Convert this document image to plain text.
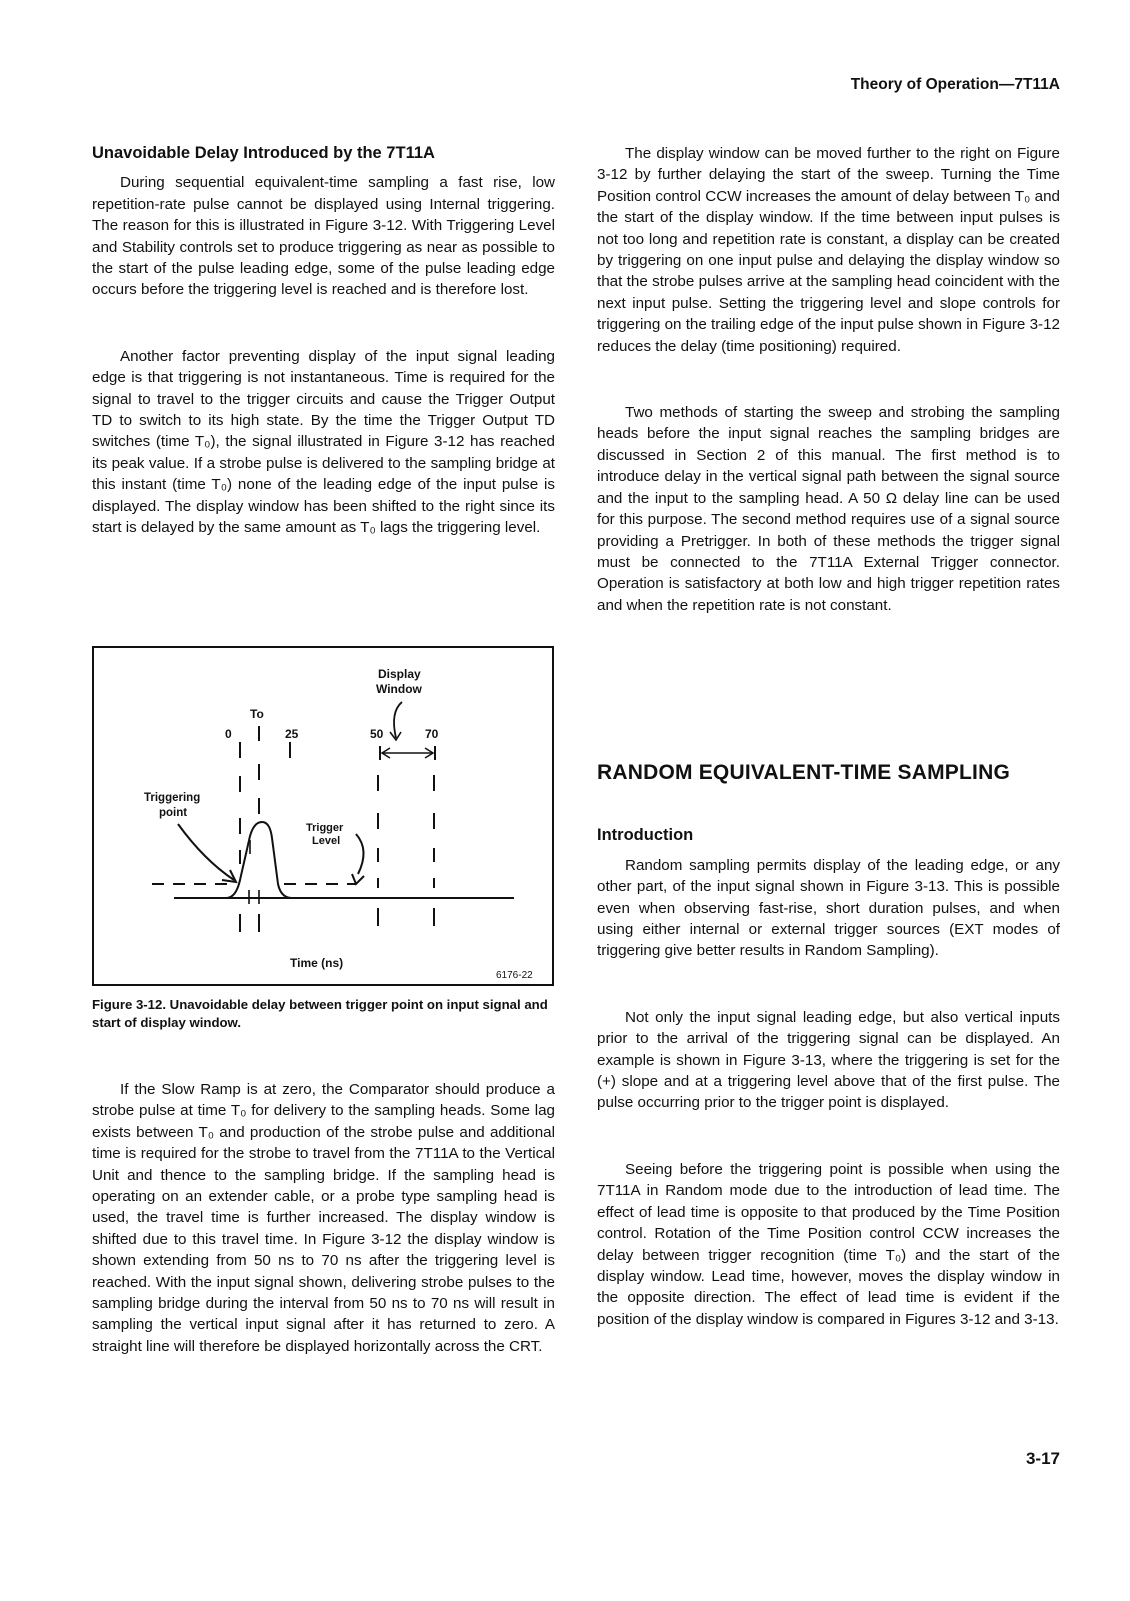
Theory of Operation—7T11A
Unavoidable Delay Introduced by the 7T11A

During sequential equivalent-time sampling a fast rise, low repetition-rate pulse cannot be displayed using Internal triggering. The reason for this is illustrated in Figure 3-12. With Triggering Level and Stability controls set to produce triggering as near as possible to the start of the pulse leading edge, some of the pulse leading edge occurs before the triggering level is reached and is therefore lost.

Another factor preventing display of the input signal leading edge is that triggering is not instantaneous. Time is required for the signal to travel to the trigger circuits and cause the Trigger Output TD to switch to its high state. By the time the Trigger Output TD switches (time T₀), the signal illustrated in Figure 3-12 has reached its peak value. If a strobe pulse is delivered to the sampling bridge at this instant (time T₀) none of the leading edge of the input pulse is displayed. The display window has been shifted to the right since its start is delayed by the same amount as T₀ lags the triggering level.

Display
Window
To
0	25	50	70
Triggering
point
Trigger
Level
Time (ns)
6176-22
Figure 3-12. Unavoidable delay between trigger point on input signal and start of display window.

If the Slow Ramp is at zero, the Comparator should produce a strobe pulse at time T₀ for delivery to the sampling heads. Some lag exists between T₀ and production of the strobe pulse and additional time is required for the strobe to travel from the 7T11A to the Vertical Unit and thence to the sampling bridge. If the sampling head is operating on an extender cable, or a probe type sampling head is used, the travel time is further increased. The display window is shifted due to this travel time. In Figure 3-12 the display window is shown extending from 50 ns to 70 ns after the triggering level is reached. With the input signal shown, delivering strobe pulses to the sampling bridge during the interval from 50 ns to 70 ns will result in sampling the vertical input signal after it has returned to zero. A straight line will therefore be displayed horizontally across the CRT.

The display window can be moved further to the right on Figure 3-12 by further delaying the start of the sweep. Turning the Time Position control CCW increases the amount of delay between T₀ and the start of the display window. If the time between input pulses is not too long and repetition rate is constant, a display can be created by triggering on one input pulse and delaying the display window so that the strobe pulses arrive at the sampling head coincident with the next input pulse. Setting the triggering level and slope controls for triggering on the trailing edge of the input pulse shown in Figure 3-12 reduces the delay (time positioning) required.

Two methods of starting the sweep and strobing the sampling heads before the input signal reaches the sampling bridges are discussed in Section 2 of this manual. The first method is to introduce delay in the vertical signal path between the signal source and the input to the sampling head. A 50 Ω delay line can be used for this purpose. The second method requires use of a signal source providing a Pretrigger. In both of these methods the trigger signal must be connected to the 7T11A External Trigger connector. Operation is satisfactory at both low and high trigger repetition rates and when the repetition rate is not constant.

RANDOM EQUIVALENT-TIME SAMPLING
Introduction

Random sampling permits display of the leading edge, or any other part, of the input signal shown in Figure 3-13. This is possible even when observing fast-rise, short duration pulses, and when using either internal or external trigger sources (EXT modes of triggering give better results in Random Sampling).

Not only the input signal leading edge, but also vertical inputs prior to the arrival of the triggering signal can be displayed. An example is shown in Figure 3-13, where the triggering is set for the (+) slope and at a triggering level above that of the first pulse. The pulse occurring prior to the trigger point is displayed.

Seeing before the triggering point is possible when using the 7T11A in Random mode due to the introduction of lead time. The effect of lead time is opposite to that produced by the Time Position control. Rotation of the Time Position control CCW increases the delay between trigger recognition (time T₀) and the start of the display window. Lead time, however, moves the display window in the opposite direction. The effect of lead time is evident if the position of the display window is compared in Figures 3-12 and 3-13.

3-17
